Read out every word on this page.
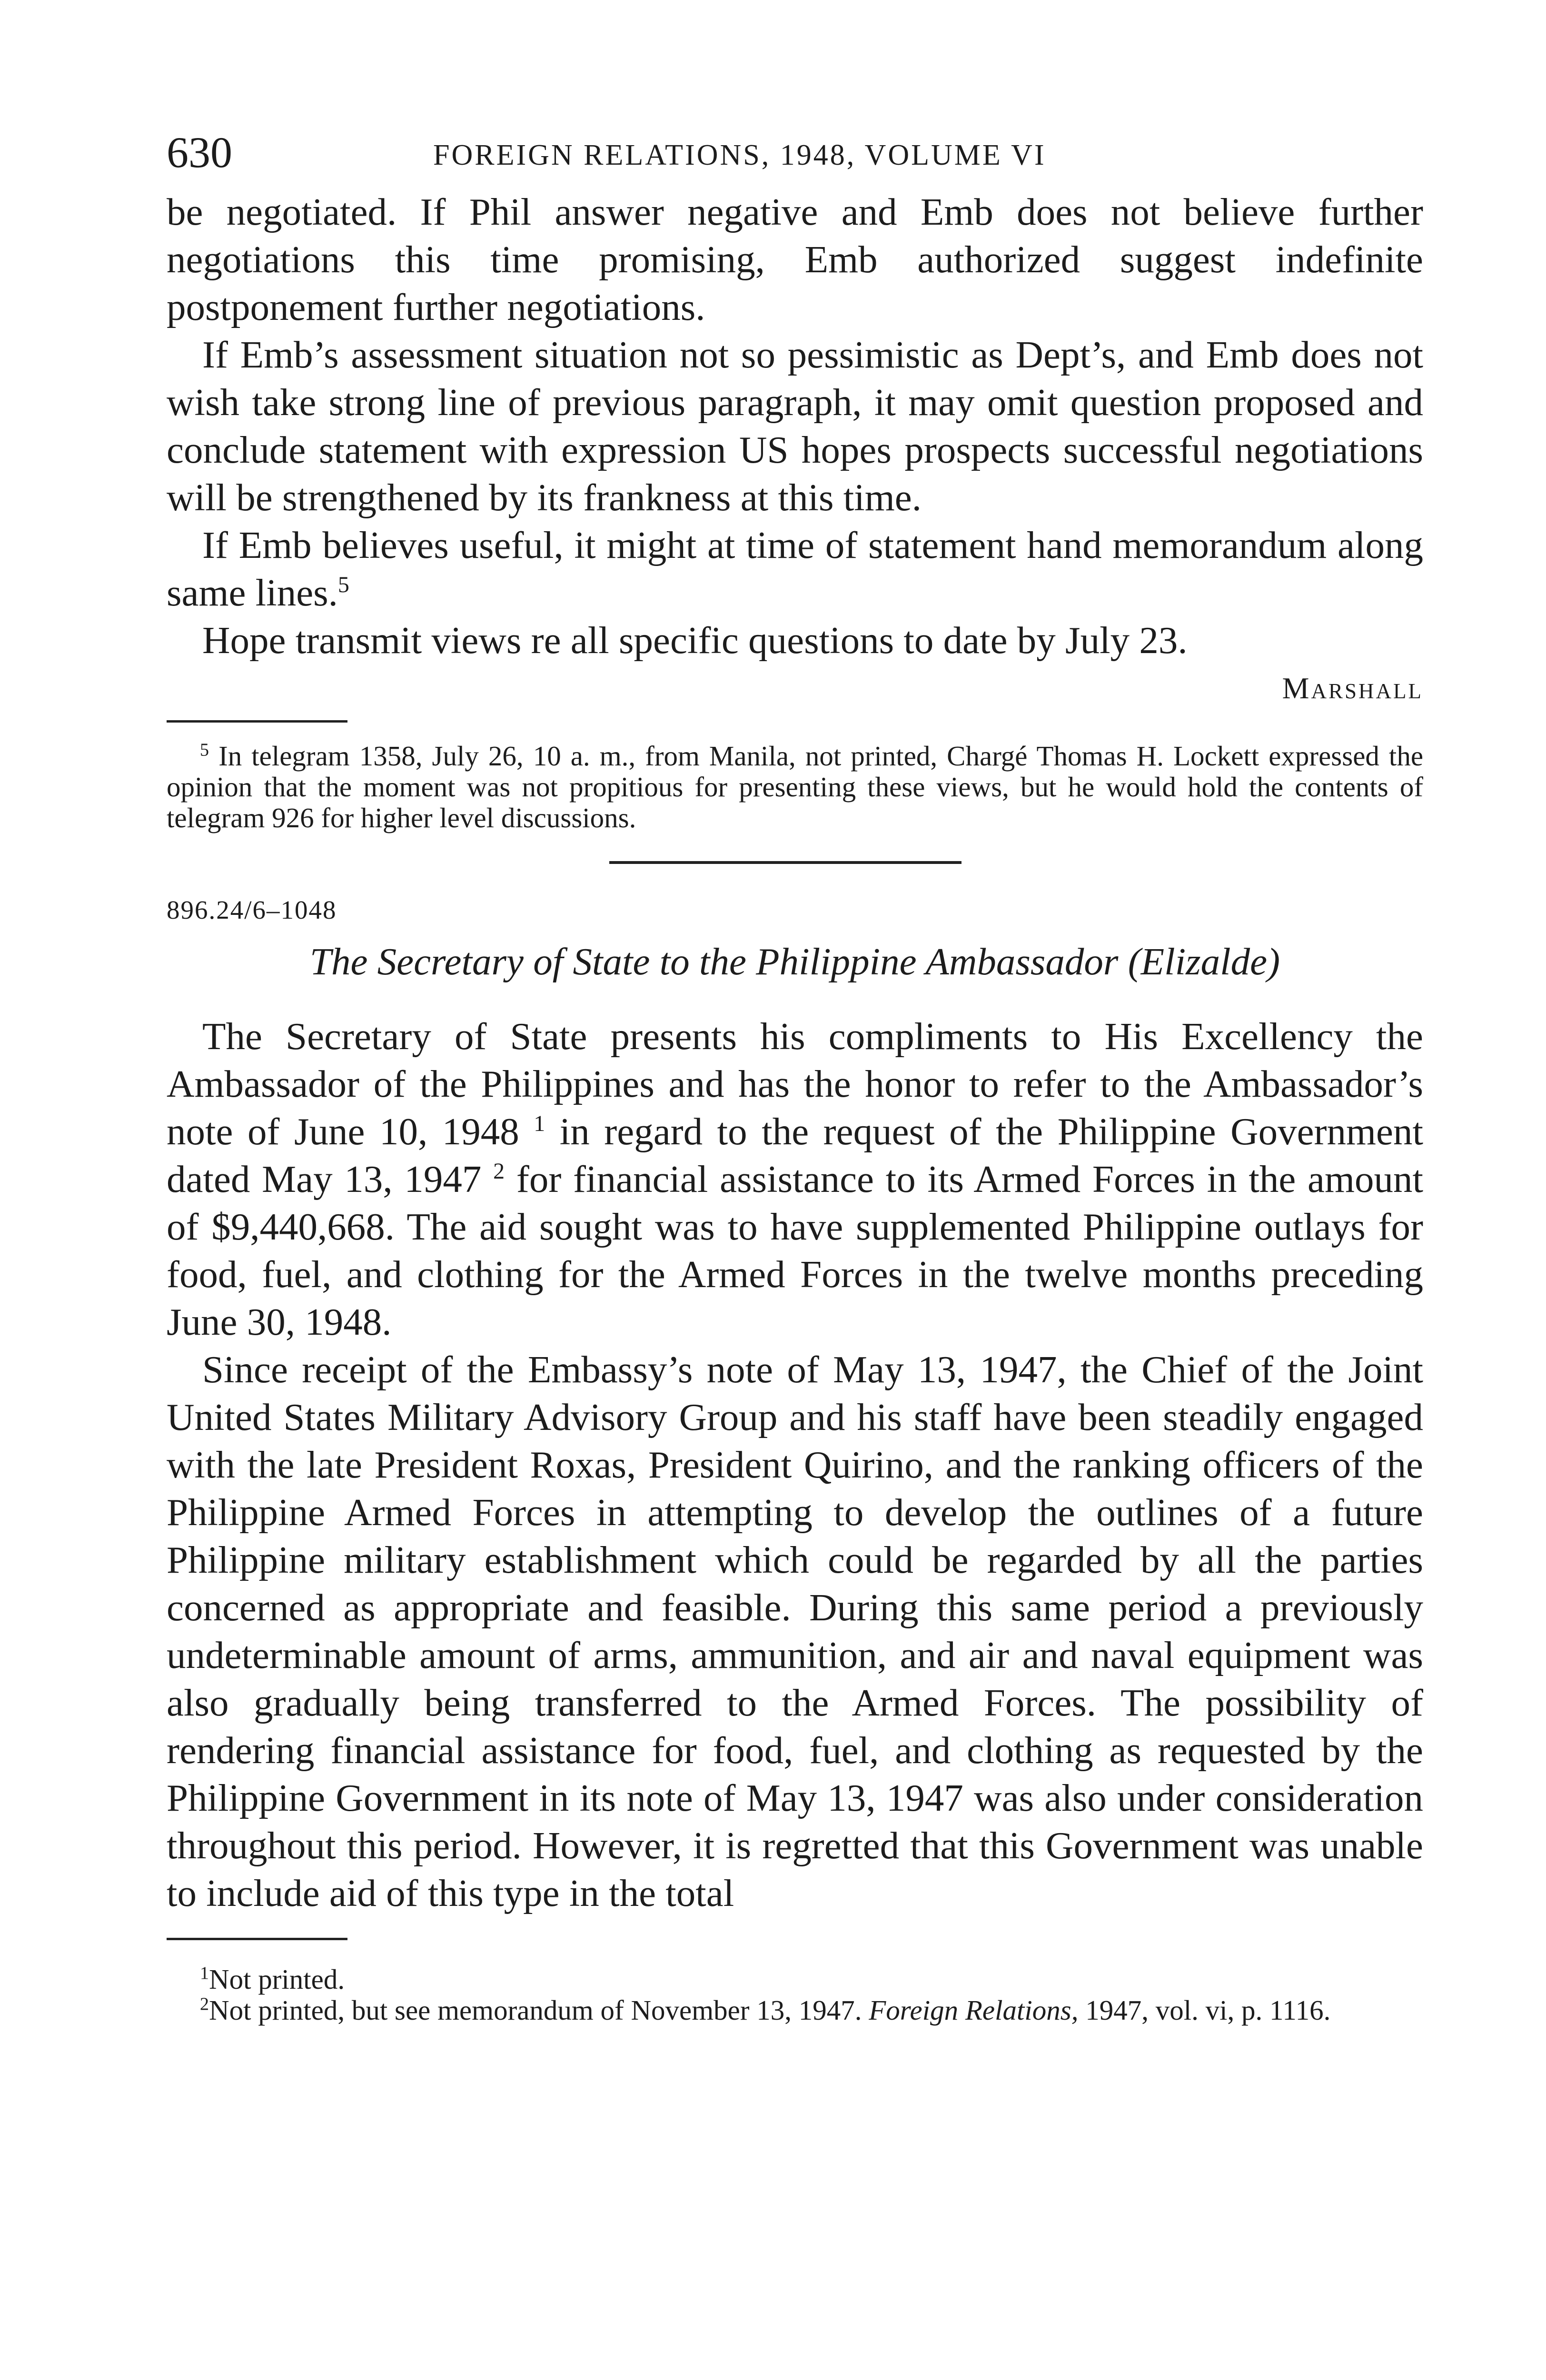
630	FOREIGN RELATIONS, 1948, VOLUME VI

be negotiated. If Phil answer negative and Emb does not believe further negotiations this time promising, Emb authorized suggest indefinite postponement further negotiations.

If Emb’s assessment situation not so pessimistic as Dept’s, and Emb does not wish take strong line of previous paragraph, it may omit question proposed and conclude statement with expression US hopes prospects successful negotiations will be strengthened by its frankness at this time.

If Emb believes useful, it might at time of statement hand memorandum along same lines.$^5$

Hope transmit views re all specific questions to date by July 23.

Marshall

$^5$ In telegram 1358, July 26, 10 a. m., from Manila, not printed, Chargé Thomas H. Lockett expressed the opinion that the moment was not propitious for presenting these views, but he would hold the contents of telegram 926 for higher level discussions.

896.24/6–1048
The Secretary of State to the Philippine Ambassador (Elizalde)

The Secretary of State presents his compliments to His Excellency the Ambassador of the Philippines and has the honor to refer to the Ambassador’s note of June 10, 1948 $^1$ in regard to the request of the Philippine Government dated May 13, 1947 $^2$ for financial assistance to its Armed Forces in the amount of $9,440,668. The aid sought was to have supplemented Philippine outlays for food, fuel, and clothing for the Armed Forces in the twelve months preceding June 30, 1948.

Since receipt of the Embassy’s note of May 13, 1947, the Chief of the Joint United States Military Advisory Group and his staff have been steadily engaged with the late President Roxas, President Quirino, and the ranking officers of the Philippine Armed Forces in attempting to develop the outlines of a future Philippine military establishment which could be regarded by all the parties concerned as appropriate and feasible. During this same period a previously undeterminable amount of arms, ammunition, and air and naval equipment was also gradually being transferred to the Armed Forces. The possibility of rendering financial assistance for food, fuel, and clothing as requested by the Philippine Government in its note of May 13, 1947 was also under consideration throughout this period. However, it is regretted that this Government was unable to include aid of this type in the total

$^1$Not printed.

$^2$Not printed, but see memorandum of November 13, 1947. Foreign Relations, 1947, vol. vi, p. 1116.
